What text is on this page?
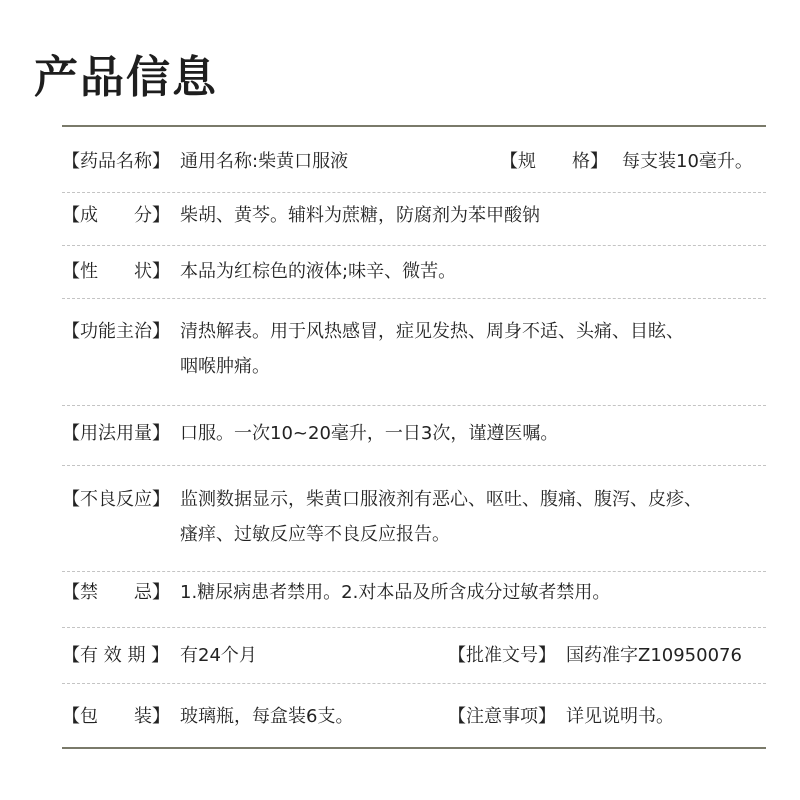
产品信息
【药品名称】 通用名称:柴黄口服液	【规　　格】 每支装10毫升。
【成　　分】 柴胡、黄芩。辅料为蔗糖，防腐剂为苯甲酸钠
【性　　状】 本品为红棕色的液体;味辛、微苦。
【功能主治】 清热解表。用于风热感冒，症见发热、周身不适、头痛、目眩、
咽喉肿痛。
【用法用量】 口服。一次10~20毫升，一日3次，谨遵医嘱。
【不良反应】 监测数据显示，柴黄口服液剂有恶心、呕吐、腹痛、腹泻、皮疹、
瘙痒、过敏反应等不良反应报告。
【禁　　忌】 1.糖尿病患者禁用。2.对本品及所含成分过敏者禁用。
【有 效 期 】 有24个月	【批准文号】 国药准字Z10950076
【包　　装】 玻璃瓶，每盒装6支。	【注意事项】 详见说明书。
